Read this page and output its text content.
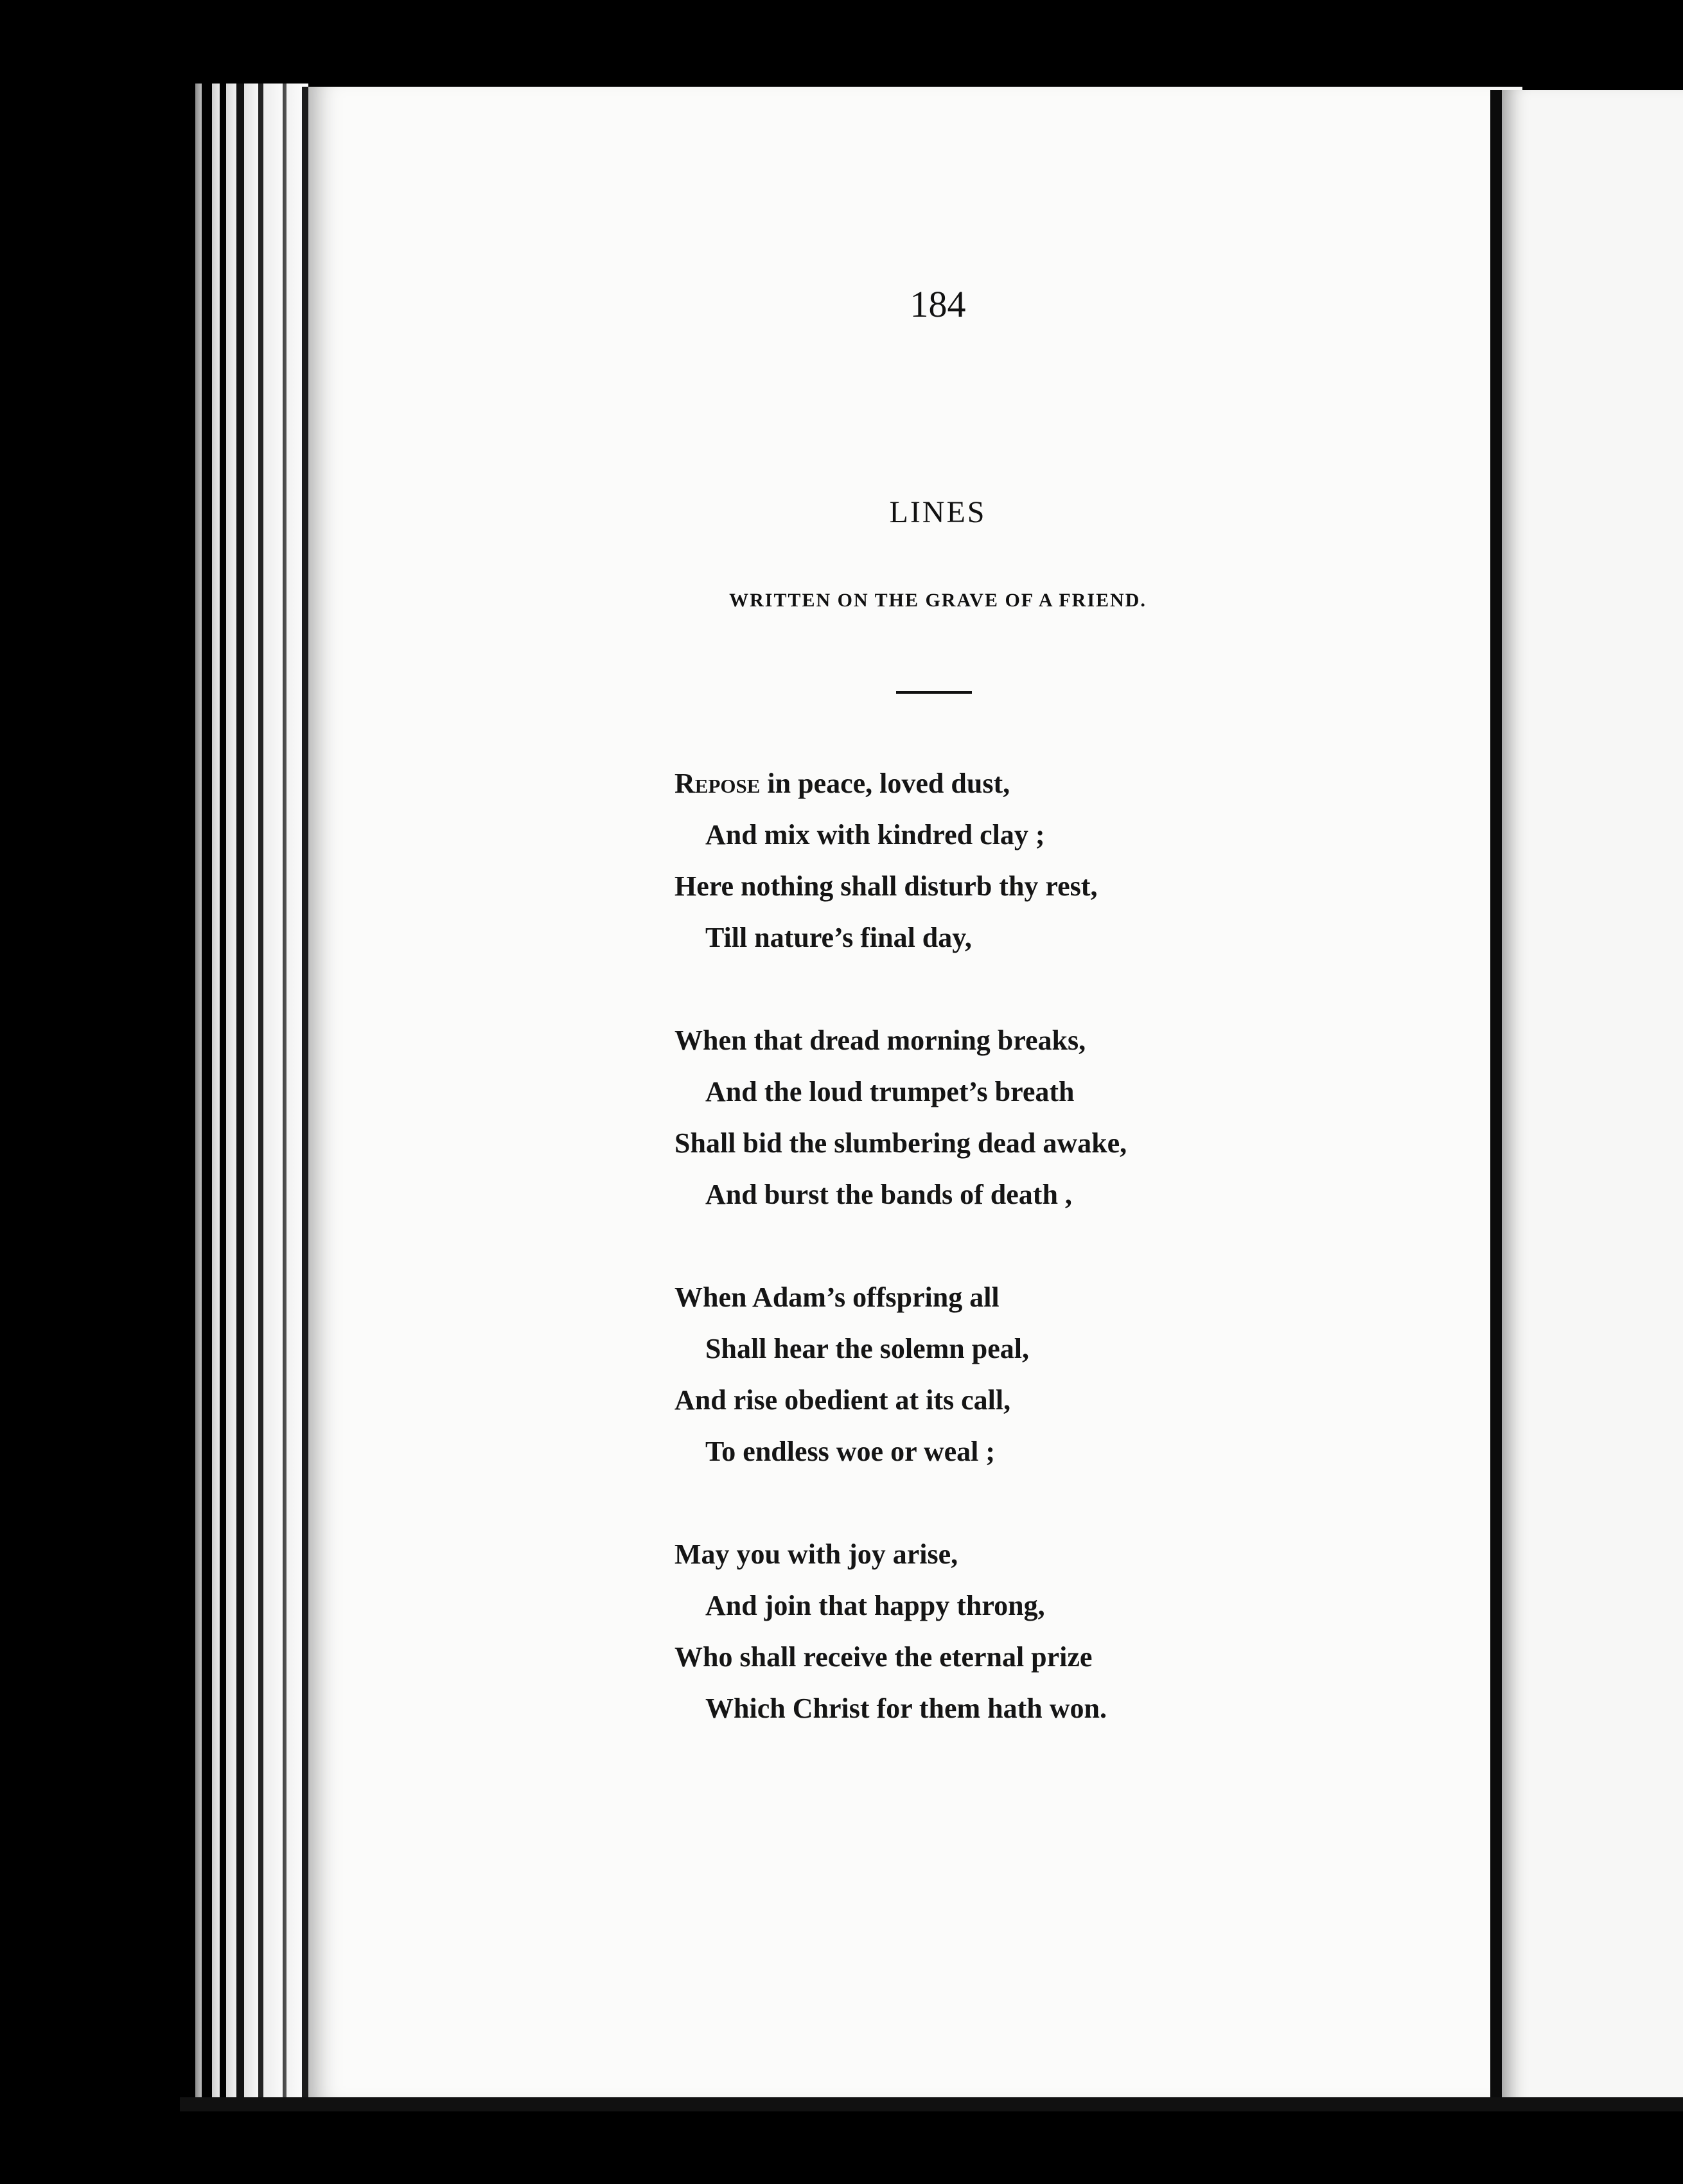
184
LINES
WRITTEN ON THE GRAVE OF A FRIEND.
Repose in peace, loved dust,
And mix with kindred clay ;
Here nothing shall disturb thy rest,
Till nature’s final day,
When that dread morning breaks,
And the loud trumpet’s breath
Shall bid the slumbering dead awake,
And burst the bands of death ,
When Adam’s offspring all
Shall hear the solemn peal,
And rise obedient at its call,
To endless woe or weal ;
May you with joy arise,
And join that happy throng,
Who shall receive the eternal prize
Which Christ for them hath won.
